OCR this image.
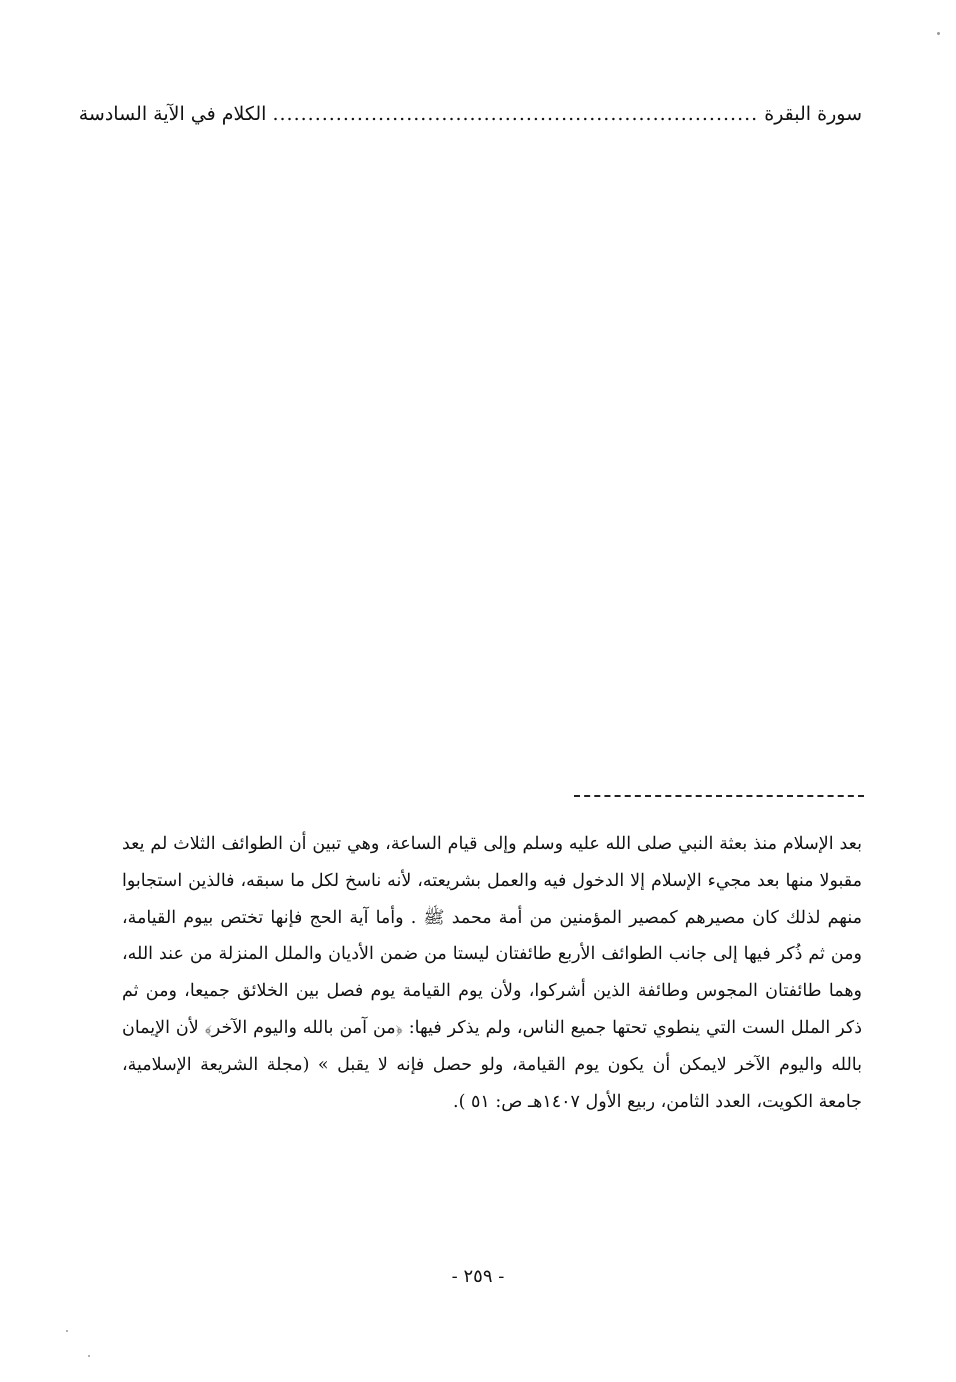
سورة البقرة ..................................................................... الكلام في الآية السادسة
بعد الإسلام منذ بعثة النبي صلى الله عليه وسلم وإلى قيام الساعة، وهي تبين أن الطوائف الثلاث لم يعد مقبولا منها بعد مجيء الإسلام إلا الدخول فيه والعمل بشريعته، لأنه ناسخ لكل ما سبقه، فالذين استجابوا منهم لذلك كان مصيرهم كمصير المؤمنين من أمة محمد ﷺ . وأما آية الحج فإنها تختص بيوم القيامة، ومن ثم ذُكر فيها إلى جانب الطوائف الأربع طائفتان ليستا من ضمن الأديان والملل المنزلة من عند الله، وهما طائفتان المجوس وطائفة الذين أشركوا، ولأن يوم القيامة يوم فصل بين الخلائق جميعا، ومن ثم ذكر الملل الست التي ينطوي تحتها جميع الناس، ولم يذكر فيها: ﴿من آمن بالله واليوم الآخر﴾ لأن الإيمان بالله واليوم الآخر لايمكن أن يكون يوم القيامة، ولو حصل فإنه لا يقبل » (مجلة الشريعة الإسلامية، جامعة الكويت، العدد الثامن، ربيع الأول ١٤٠٧هـ ص: ٥١ ).
- ٢٥٩ -
